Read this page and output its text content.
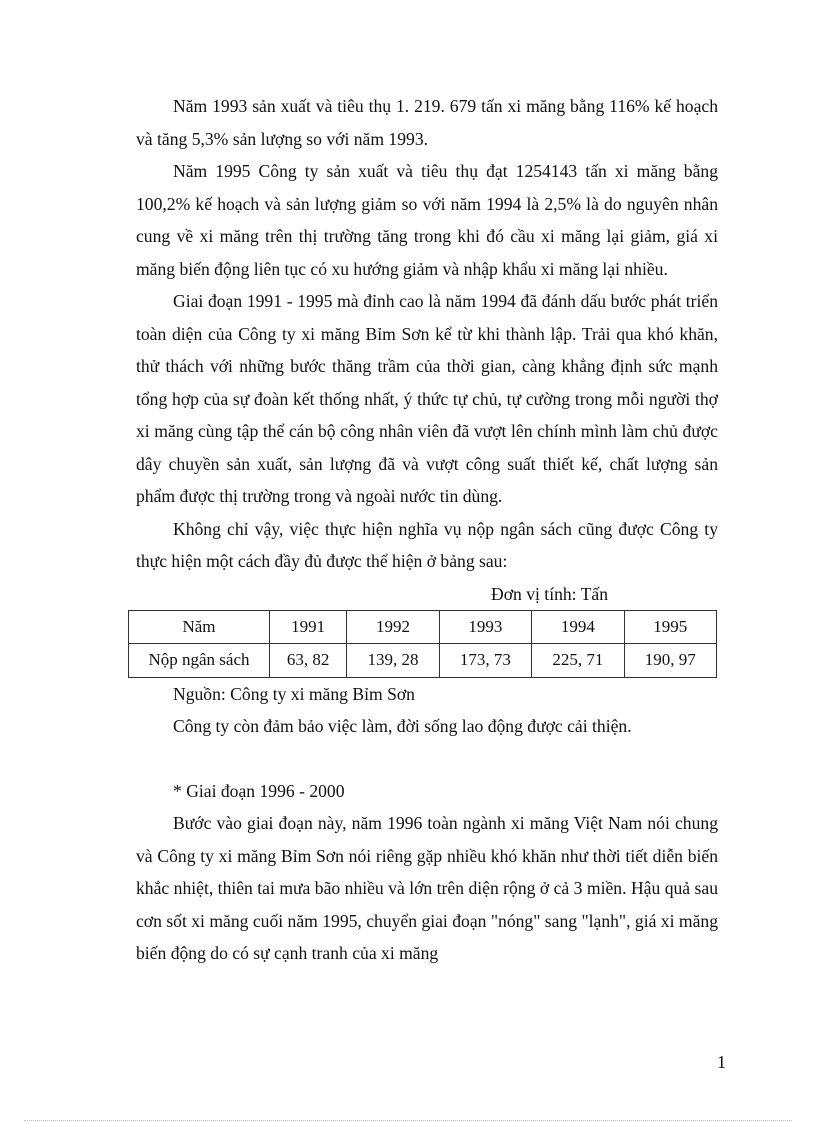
Năm 1993 sản xuất và tiêu thụ 1. 219. 679 tấn xi măng bằng 116% kế hoạch và tăng 5,3% sản lượng so với năm 1993.

Năm 1995 Công ty sản xuất và tiêu thụ đạt 1254143 tấn xi măng bằng 100,2% kế hoạch và sản lượng giảm so với năm 1994 là 2,5% là do nguyên nhân cung về xi măng trên thị trường tăng trong khi đó cầu xi măng lại giảm, giá xi măng biến động liên tục có xu hướng giảm và nhập khẩu xi măng lại nhiều.

Giai đoạn 1991 - 1995 mà đỉnh cao là năm 1994 đã đánh dấu bước phát triển toàn diện của Công ty xi măng Bỉm Sơn kể từ khi thành lập. Trải qua khó khăn, thử thách với những bước thăng trầm của thời gian, càng khẳng định sức mạnh tổng hợp của sự đoàn kết thống nhất, ý thức tự chủ, tự cường trong mỗi người thợ xi măng cùng tập thể cán bộ công nhân viên đã vượt lên chính mình làm chủ được dây chuyền sản xuất, sản lượng đã và vượt công suất thiết kế, chất lượng sản phẩm được thị trường trong và ngoài nước tin dùng.

Không chỉ vậy, việc thực hiện nghĩa vụ nộp ngân sách cũng được Công ty thực hiện một cách đầy đủ được thể hiện ở bảng sau:

Đơn vị tính: Tấn
Năm	1991	1992	1993	1994	1995
Nộp ngân sách	63, 82	139, 28	173, 73	225, 71	190, 97

Nguồn: Công ty xi măng Bỉm Sơn

Công ty còn đảm bảo việc làm, đời sống lao động được cải thiện.

* Giai đoạn 1996 - 2000

Bước vào giai đoạn này, năm 1996 toàn ngành xi măng Việt Nam nói chung và Công ty xi măng Bỉm Sơn nói riêng gặp nhiều khó khăn như thời tiết diễn biến khắc nhiệt, thiên tai mưa bão nhiều và lớn trên diện rộng ở cả 3 miền. Hậu quả sau cơn sốt xi măng cuối năm 1995, chuyển giai đoạn "nóng" sang "lạnh", giá xi măng biến động do có sự cạnh tranh của xi măng

1
